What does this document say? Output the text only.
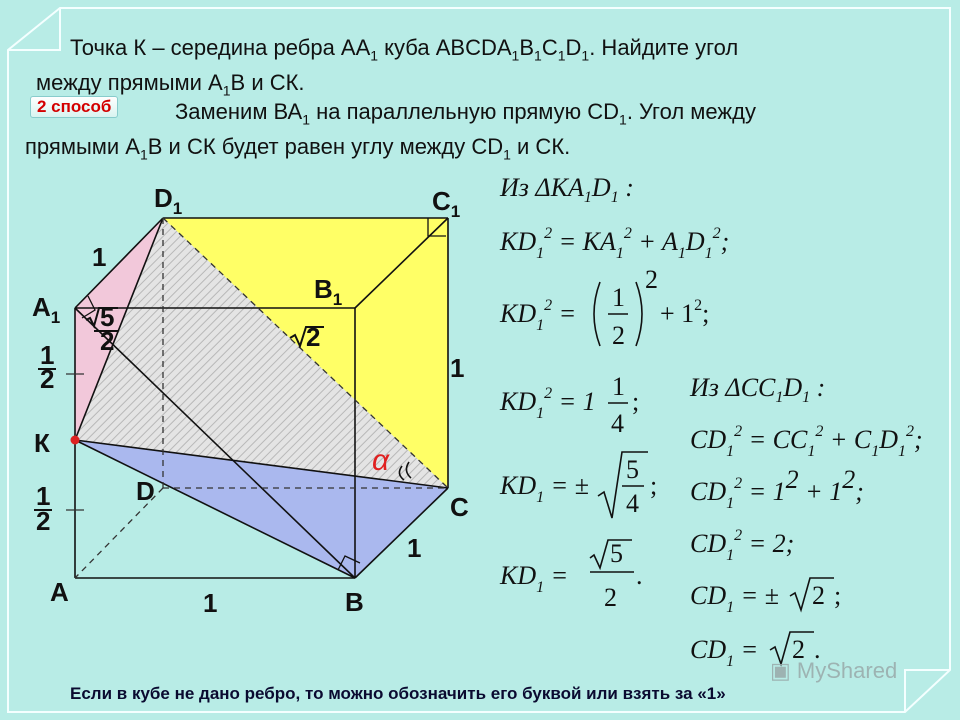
$D_1$	$С_1$
$В_1$
$А_1$
К
D
С
А	В
1
1
1
1
1
2
1
2
5
2	2
α
Из $\Delta KA_1D_1$ :
$KD_1^2 = KA_1^2 + A_1D_1^2$;
$KD_1^2$ =
1
2
2
+ $1^2$;
$KD_1^2 = 1$
1
4
;
$KD_1$ = ±
5
4
;
$KD_1$ =
5
2
.
Из $\Delta CC_1D_1$ :
$CD_1^2 = CC_1^2 + C_1D_1^2$;
$CD_1^2 = 12 + 12$;
$CD_1^2 = 2$;
$CD_1$ = ± 2 ;
$CD_1 = 2$ .
Точка К – середина ребра $АА_1$ куба $ABCDA_1B_1C_1D_1$. Найдите угол
между прямыми $А_1В$ и СК.
2 способ	Заменим $ВА_1$ на параллельную прямую $CD_1$. Угол между
прямыми $А_1В$ и СК будет равен углу между $CD_1$ и СК.
▣ MyShared
Если в кубе не дано ребро, то можно обозначить его буквой или взять за «1»
